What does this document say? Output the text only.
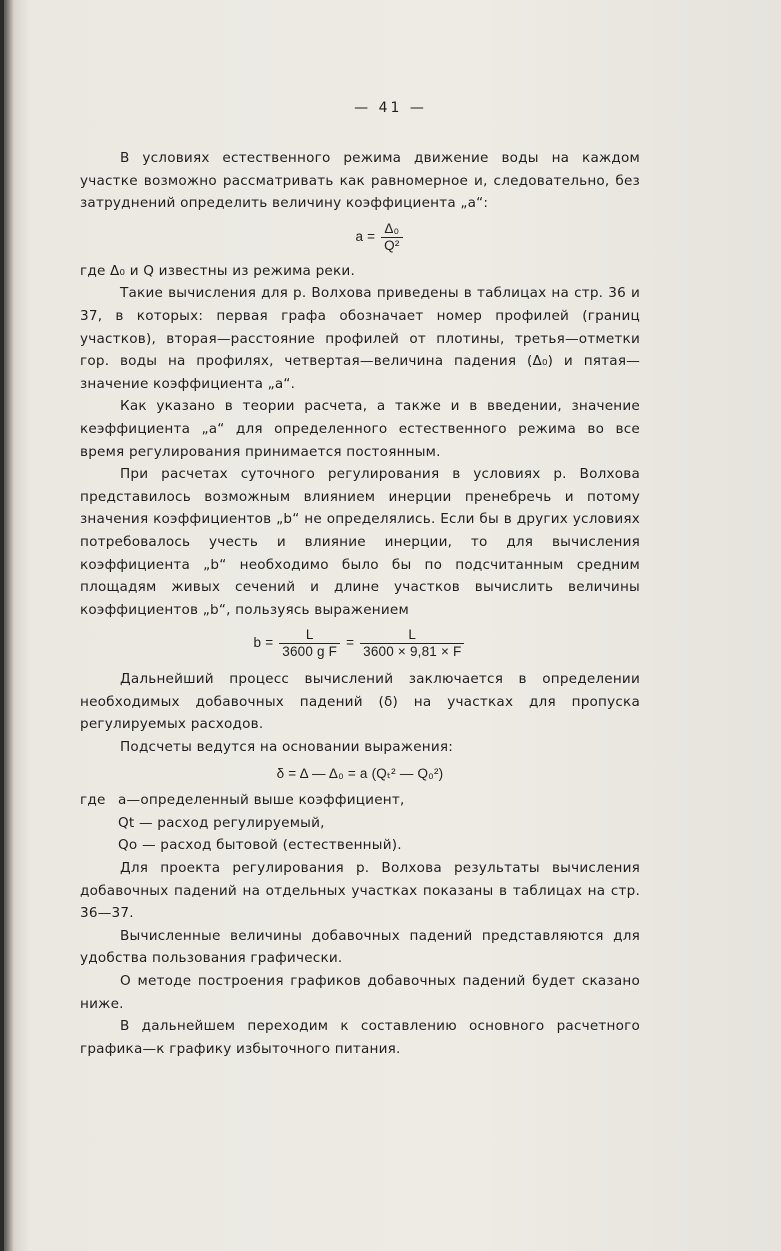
— 41 —

В условиях естественного режима движение воды на каждом участке возможно рассматривать как равномерное и, следовательно, без затруднений определить величину коэффициента „a“:

$a = \frac{\text{Δ₀}}{\text{Q²}}$

где Δ₀ и Q известны из режима реки.

Такие вычисления для р. Волхова приведены в таблицах на стр. 36 и 37, в которых: первая графа обозначает номер профилей (границ участков), вторая—расстояние профилей от плотины, третья—отметки гор. воды на профилях, четвертая—величина падения (Δ₀) и пятая—значение коэффициента „a“.

Как указано в теории расчета, а также и в введении, значение кеэффициента „a“ для определенного естественного режима во все время регулирования принимается постоянным.

При расчетах суточного регулирования в условиях р. Волхова представилось возможным влиянием инерции пренебречь и потому значения коэффициентов „b“ не определялись. Если бы в других условиях потребовалось учесть и влияние инерции, то для вычисления коэффициента „b“ необходимо было бы по подсчитанным средним площадям живых сечений и длине участков вычислить величины коэффициентов „b“, пользуясь выражением

$b = \frac{L}{\text{3600 g F}} = \frac{L}{3600 \times 9,81 \times F}$

Дальнейший процесс вычислений заключается в определении необходимых добавочных падений (δ) на участках для пропуска регулируемых расходов.

Подсчеты ведутся на основании выражения:

δ = Δ — Δ₀ = a (Qₜ² — Q₀²)
где a—определенный выше коэффициент,
Qt — расход регулируемый,
Qо — расход бытовой (естественный).

Для проекта регулирования р. Волхова результаты вычисления добавочных падений на отдельных участках показаны в таблицах на стр. 36—37.

Вычисленные величины добавочных падений представляются для удобства пользования графически.

О методе построения графиков добавочных падений будет сказано ниже.

В дальнейшем переходим к составлению основного расчетного графика—к графику избыточного питания.
